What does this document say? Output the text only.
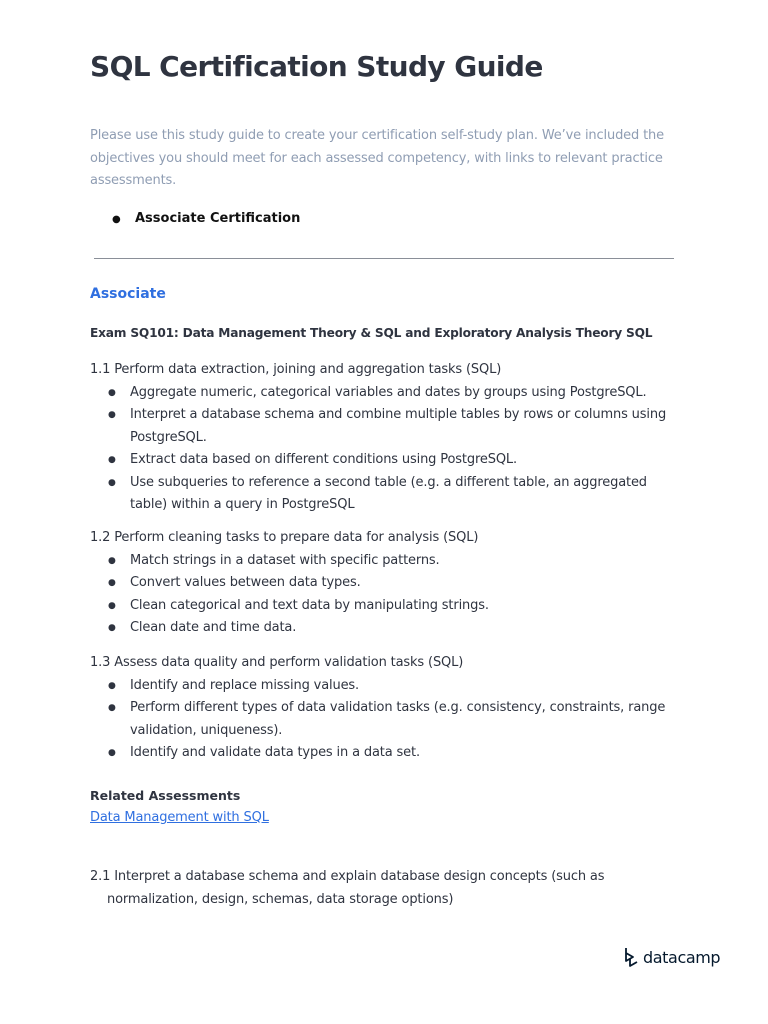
SQL Certification Study Guide

Please use this study guide to create your certification self-study plan. We’ve included the objectives you should meet for each assessed competency, with links to relevant practice assessments.

● Associate Certification
Associate
Exam SQ101: Data Management Theory & SQL and Exploratory Analysis Theory SQL

1.1 Perform data extraction, joining and aggregation tasks (SQL)

● Aggregate numeric, categorical variables and dates by groups using PostgreSQL.
● Interpret a database schema and combine multiple tables by rows or columns using PostgreSQL.
● Extract data based on different conditions using PostgreSQL.
● Use subqueries to reference a second table (e.g. a different table, an aggregated table) within a query in PostgreSQL

1.2 Perform cleaning tasks to prepare data for analysis (SQL)

● Match strings in a dataset with specific patterns.
● Convert values between data types.
● Clean categorical and text data by manipulating strings.
● Clean date and time data.

1.3 Assess data quality and perform validation tasks (SQL)

● Identify and replace missing values.
● Perform different types of data validation tasks (e.g. consistency, constraints, range validation, uniqueness).
● Identify and validate data types in a data set.
Related Assessments
Data Management with SQL

2.1 Interpret a database schema and explain database design concepts (such as normalization, design, schemas, data storage options)

datacamp
